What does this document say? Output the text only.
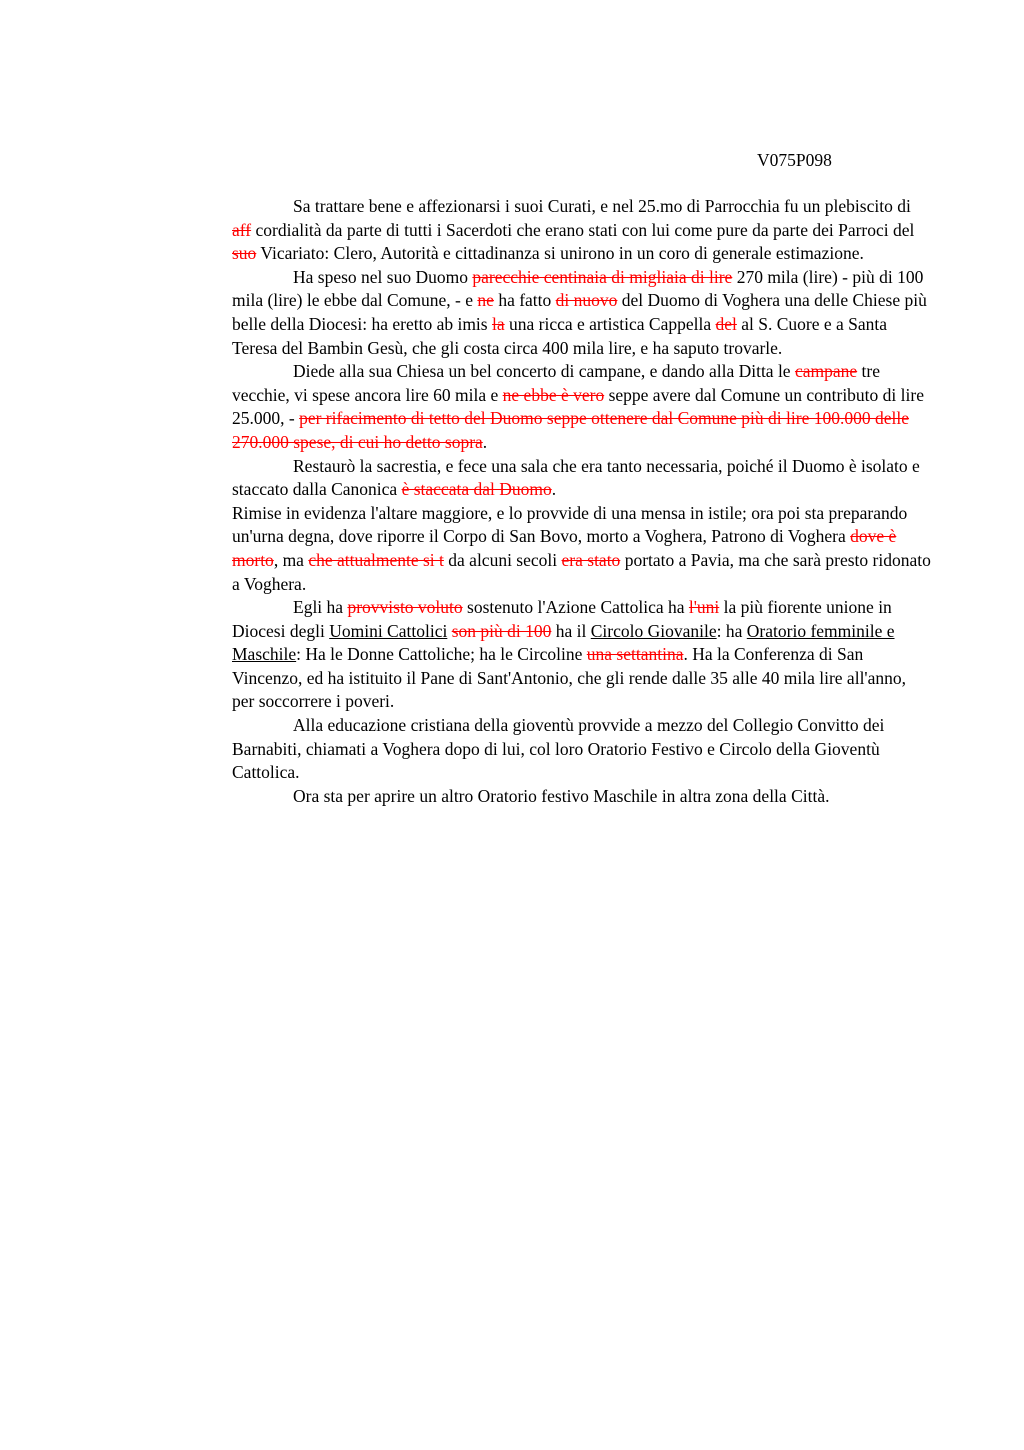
V075P098

Sa trattare bene e affezionarsi i suoi Curati, e nel 25.mo di Parrocchia fu un plebiscito di aff cordialità da parte di tutti i Sacerdoti che erano stati con lui come pure da parte dei Parroci del suo Vicariato: Clero, Autorità e cittadinanza si unirono in un coro di generale estimazione.

Ha speso nel suo Duomo parecchie centinaia di migliaia di lire 270 mila (lire) - più di 100 mila (lire) le ebbe dal Comune, - e ne ha fatto di nuovo del Duomo di Voghera una delle Chiese più belle della Diocesi: ha eretto ab imis la una ricca e artistica Cappella del al S. Cuore e a Santa Teresa del Bambin Gesù, che gli costa circa 400 mila lire, e ha saputo trovarle.

Diede alla sua Chiesa un bel concerto di campane, e dando alla Ditta le campane tre vecchie, vi spese ancora lire 60 mila e ne ebbe è vero seppe avere dal Comune un contributo di lire 25.000, - per rifacimento di tetto del Duomo seppe ottenere dal Comune più di lire 100.000 delle 270.000 spese, di cui ho detto sopra.

Restaurò la sacrestia, e fece una sala che era tanto necessaria, poiché il Duomo è isolato e staccato dalla Canonica è staccata dal Duomo.

Rimise in evidenza l'altare maggiore, e lo provvide di una mensa in istile; ora poi sta preparando un'urna degna, dove riporre il Corpo di San Bovo, morto a Voghera, Patrono di Voghera dove è morto, ma che attualmente si t da alcuni secoli era stato portato a Pavia, ma che sarà presto ridonato a Voghera.

Egli ha provvisto voluto sostenuto l'Azione Cattolica ha l'uni la più fiorente unione in Diocesi degli Uomini Cattolici son più di 100 ha il Circolo Giovanile: ha Oratorio femminile e Maschile: Ha le Donne Cattoliche; ha le Circoline una settantina. Ha la Conferenza di San Vincenzo, ed ha istituito il Pane di Sant'Antonio, che gli rende dalle 35 alle 40 mila lire all'anno, per soccorrere i poveri.

Alla educazione cristiana della gioventù provvide a mezzo del Collegio Convitto dei Barnabiti, chiamati a Voghera dopo di lui, col loro Oratorio Festivo e Circolo della Gioventù Cattolica.

Ora sta per aprire un altro Oratorio festivo Maschile in altra zona della Città.
